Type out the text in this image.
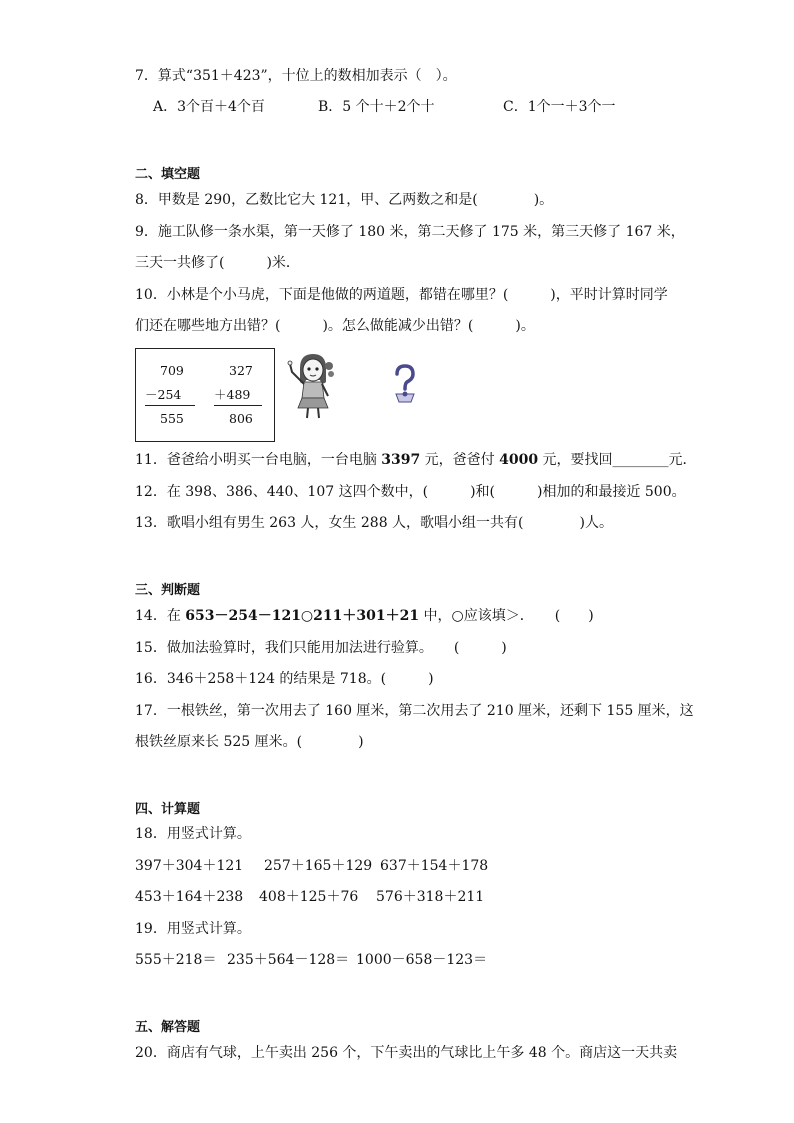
7．算式“351＋423”，十位上的数相加表示（　）。
A．3个百＋4个百	B．5 个十＋2个十	C．1个一＋3个一
二、填空题
8．甲数是 290，乙数比它大 121，甲、乙两数之和是(　　　　)。
9．施工队修一条水渠，第一天修了 180 米，第二天修了 175 米，第三天修了 167 米，
三天一共修了(　　　)米．
10．小林是个小马虎，下面是他做的两道题，都错在哪里？(　　　)，平时计算时同学
们还在哪些地方出错？(　　　)。怎么做能减少出错？(　　　)。
709
－254
555
327
＋489
806
11．爸爸给小明买一台电脑，一台电脑 3397 元，爸爸付 4000 元，要找回________元．
12．在 398、386、440、107 这四个数中，(　　　)和(　　　)相加的和最接近 500。
13．歌唱小组有男生 263 人，女生 288 人，歌唱小组一共有(　　　　)人。
三、判断题
14．在 653－254－121○211＋301＋21 中，○应该填＞．　　(　　)
15．做加法验算时，我们只能用加法进行验算。　　(　　　)
16．346＋258＋124 的结果是 718。(　　　)
17．一根铁丝，第一次用去了 160 厘米，第二次用去了 210 厘米，还剩下 155 厘米，这
根铁丝原来长 525 厘米。(　　　　)
四、计算题
18．用竖式计算。
397＋304＋121 257＋165＋129 637＋154＋178
453＋164＋238 408＋125＋76 576＋318＋211
19．用竖式计算。
555＋218＝ 235＋564－128＝ 1000－658－123＝
五、解答题
20．商店有气球，上午卖出 256 个，下午卖出的气球比上午多 48 个。商店这一天共卖
